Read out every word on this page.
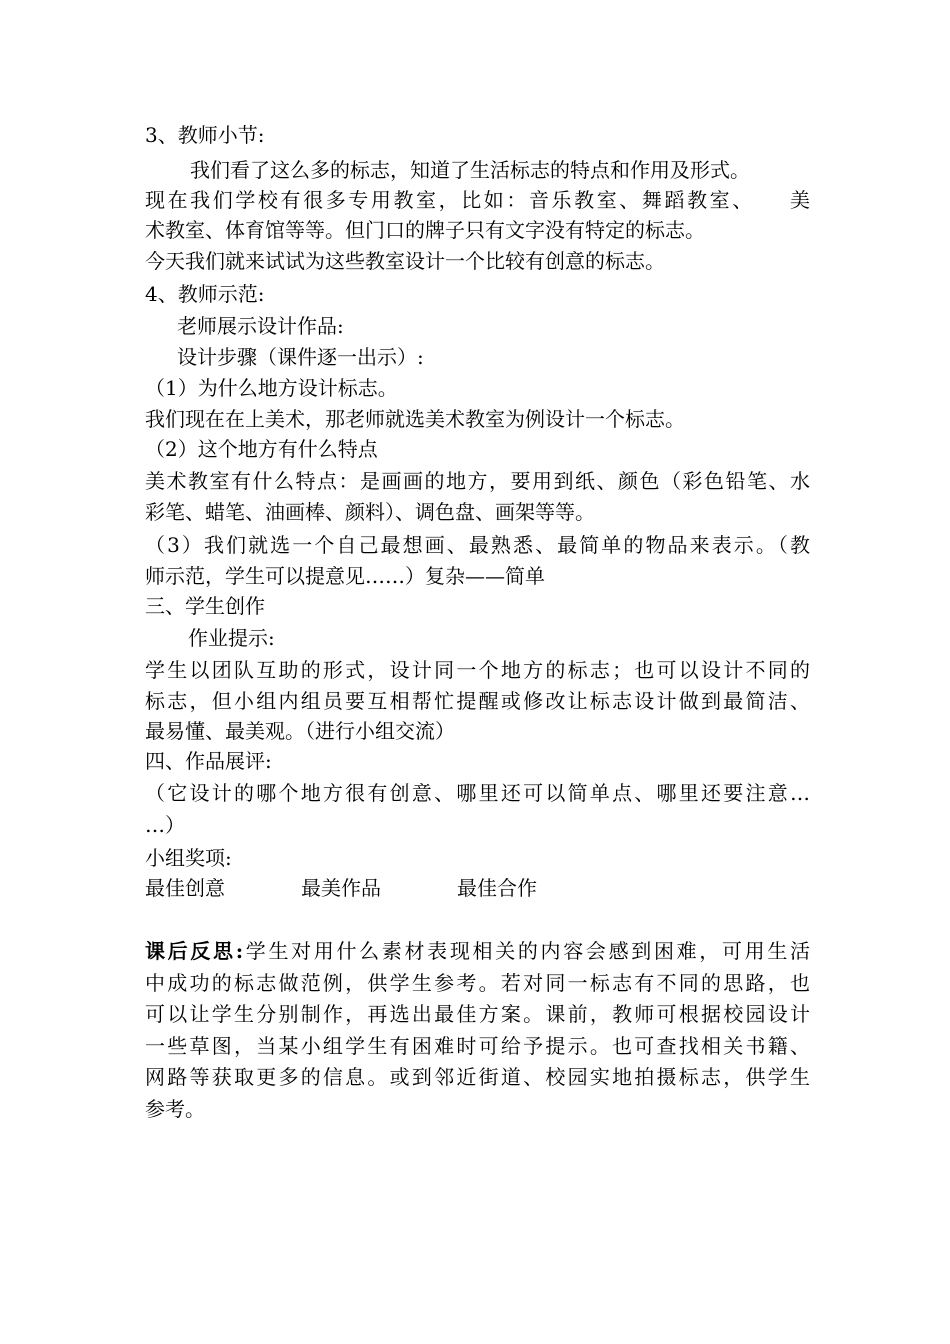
3、教师小节:
我们看了这么多的标志，知道了生活标志的特点和作用及形式。
现在我们学校有很多专用教室，比如：音乐教室、舞蹈教室、　　美
术教室、体育馆等等。但门口的牌子只有文字没有特定的标志。
今天我们就来试试为这些教室设计一个比较有创意的标志。
4、教师示范:
老师展示设计作品:
设计步骤（课件逐一出示）:
（1）为什么地方设计标志。
我们现在在上美术，那老师就选美术教室为例设计一个标志。
（2）这个地方有什么特点
美术教室有什么特点：是画画的地方，要用到纸、颜色（彩色铅笔、水
彩笔、蜡笔、油画棒、颜料）、调色盘、画架等等。
（3）我们就选一个自己最想画、最熟悉、最简单的物品来表示。（教
师示范，学生可以提意见……）复杂——简单
三、学生创作
作业提示:
学生以团队互助的形式，设计同一个地方的标志；也可以设计不同的
标志，但小组内组员要互相帮忙提醒或修改让标志设计做到最简洁、
最易懂、最美观。（进行小组交流）
四、作品展评:
（它设计的哪个地方很有创意、哪里还可以简单点、哪里还要注意…
…）
小组奖项:
最佳创意	最美作品	最佳合作
课后反思:学生对用什么素材表现相关的内容会感到困难，可用生活
中成功的标志做范例，供学生参考。若对同一标志有不同的思路，也
可以让学生分别制作，再选出最佳方案。课前，教师可根据校园设计
一些草图，当某小组学生有困难时可给予提示。也可查找相关书籍、
网路等获取更多的信息。或到邻近街道、校园实地拍摄标志，供学生
参考。
